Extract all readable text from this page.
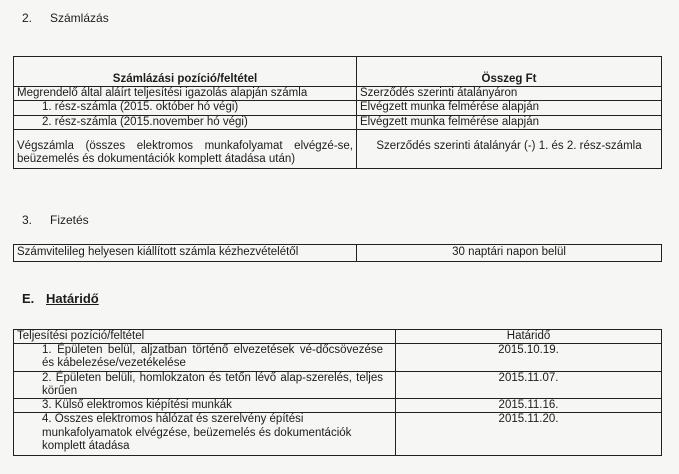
2. Számlázás

Számlázási pozíció/feltétel	Összeg Ft
Megrendelő által aláírt teljesítési igazolás alapján számla	Szerződés szerinti átalányáron
1. rész-számla (2015. október hó végi)	Elvégzett munka felmérése alapján
2. rész-számla (2015.november hó végi)	Elvégzett munka felmérése alapján
Végszámla (összes elektromos munkafolyamat elvégzé-se, beüzemelés és dokumentációk komplett átadása után)	Szerződés szerinti átalányár (-) 1. és 2. rész-számla
3. Fizetés
Számvitelileg helyesen kiállított számla kézhezvételétől	30 naptári napon belül
E. Határidő
Teljesítési pozíció/feltétel	Határidő
1. Épületen belül, aljzatban történő elvezetések vé-dőcsövezése és kábelezése/vezetékelése	2015.10.19.
2. Épületen belüli, homlokzaton és tetőn lévő alap-szerelés, teljes körűen	2015.11.07.
3. Külső elektromos kiépítési munkák	2015.11.16.
4. Összes elektromos hálózat és szerelvény építési munkafolyamatok elvégzése, beüzemelés és dokumentációk komplett átadása	2015.11.20.
